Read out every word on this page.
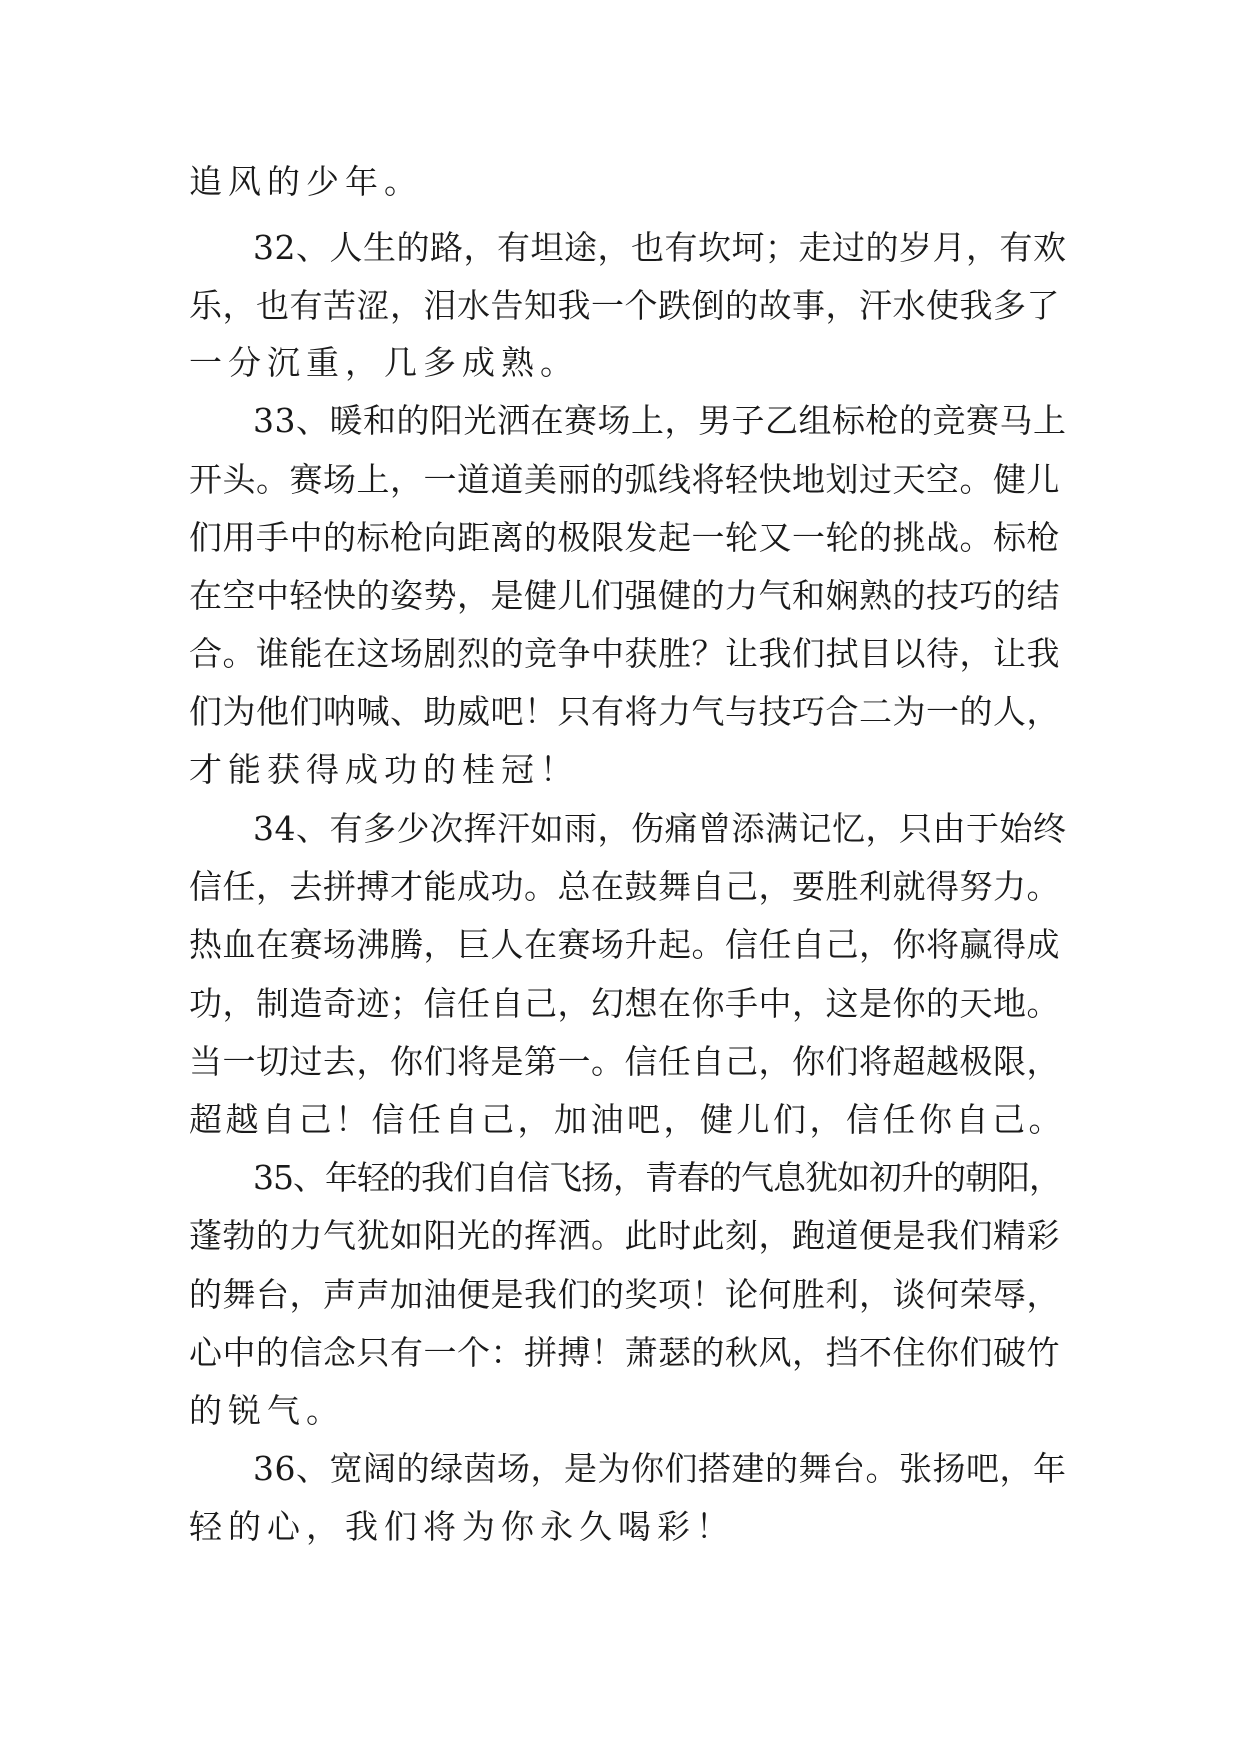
追风的少年。
32、人生的路，有坦途，也有坎坷；走过的岁月，有欢
乐，也有苦涩，泪水告知我一个跌倒的故事，汗水使我多了
一分沉重，几多成熟。
33、暖和的阳光洒在赛场上，男子乙组标枪的竞赛马上
开头。赛场上，一道道美丽的弧线将轻快地划过天空。健儿
们用手中的标枪向距离的极限发起一轮又一轮的挑战。标枪
在空中轻快的姿势，是健儿们强健的力气和娴熟的技巧的结
合。谁能在这场剧烈的竞争中获胜？让我们拭目以待，让我
们为他们呐喊、助威吧！只有将力气与技巧合二为一的人，
才能获得成功的桂冠！
34、有多少次挥汗如雨，伤痛曾添满记忆，只由于始终
信任，去拼搏才能成功。总在鼓舞自己，要胜利就得努力。
热血在赛场沸腾，巨人在赛场升起。信任自己，你将赢得成
功，制造奇迹；信任自己，幻想在你手中，这是你的天地。
当一切过去，你们将是第一。信任自己，你们将超越极限，
超越自己！信任自己，加油吧，健儿们，信任你自己。
35、年轻的我们自信飞扬，青春的气息犹如初升的朝阳，
蓬勃的力气犹如阳光的挥洒。此时此刻，跑道便是我们精彩
的舞台，声声加油便是我们的奖项！论何胜利，谈何荣辱，
心中的信念只有一个：拼搏！萧瑟的秋风，挡不住你们破竹
的锐气。
36、宽阔的绿茵场，是为你们搭建的舞台。张扬吧，年
轻的心，我们将为你永久喝彩！
